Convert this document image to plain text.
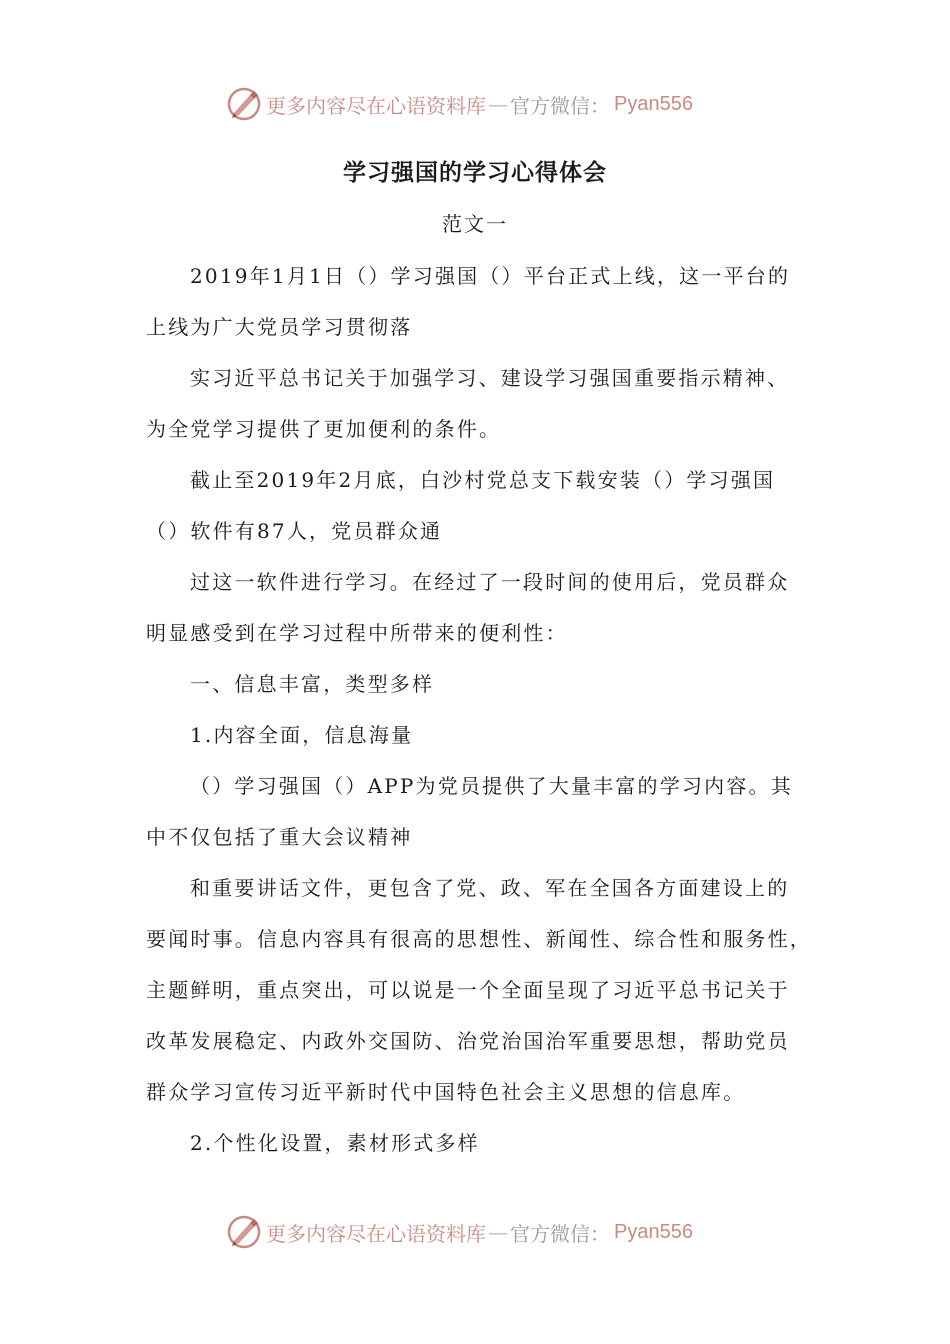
更多内容尽在心语资料库 — 官方微信： Pyan556
学习强国的学习心得体会
范文一
2019年1月1日（）学习强国（）平台正式上线，这一平台的
上线为广大党员学习贯彻落
实习近平总书记关于加强学习、建设学习强国重要指示精神、
为全党学习提供了更加便利的条件。
截止至2019年2月底，白沙村党总支下载安装（）学习强国
（）软件有87人，党员群众通
过这一软件进行学习。在经过了一段时间的使用后，党员群众
明显感受到在学习过程中所带来的便利性：
一、信息丰富，类型多样
1.内容全面，信息海量
（）学习强国（）APP为党员提供了大量丰富的学习内容。其
中不仅包括了重大会议精神
和重要讲话文件，更包含了党、政、军在全国各方面建设上的
要闻时事。信息内容具有很高的思想性、新闻性、综合性和服务性，
主题鲜明，重点突出，可以说是一个全面呈现了习近平总书记关于
改革发展稳定、内政外交国防、治党治国治军重要思想，帮助党员
群众学习宣传习近平新时代中国特色社会主义思想的信息库。
2.个性化设置，素材形式多样
更多内容尽在心语资料库 — 官方微信： Pyan556
